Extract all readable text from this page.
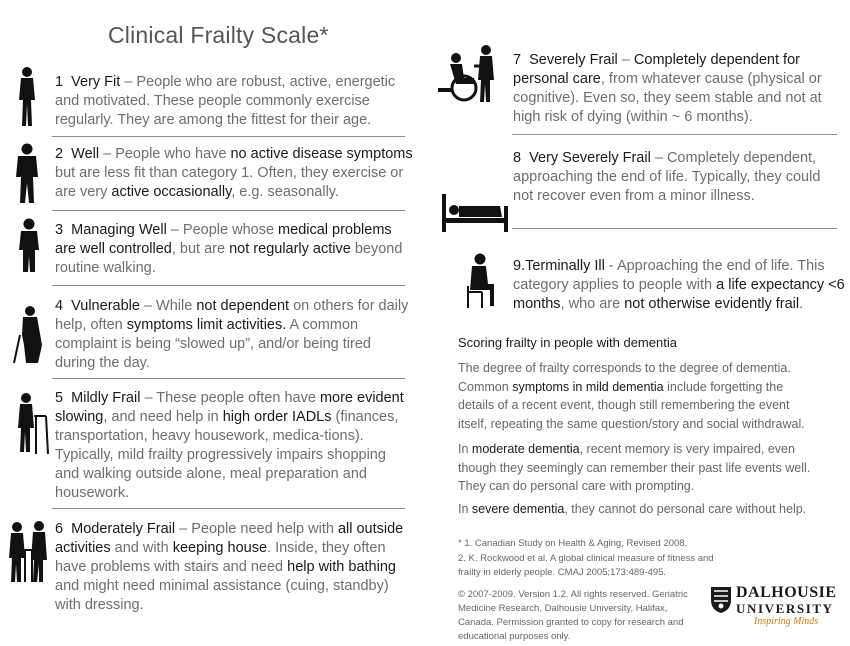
Clinical Frailty Scale*
1 Very Fit – People who are robust, active, energetic and motivated. These people commonly exercise regularly. They are among the fittest for their age.
2 Well – People who have no active disease symptoms but are less fit than category 1. Often, they exercise or are very active occasionally, e.g. seasonally.
3 Managing Well – People whose medical problems are well controlled, but are not regularly active beyond routine walking.
4 Vulnerable – While not dependent on others for daily help, often symptoms limit activities. A common complaint is being “slowed up”, and/or being tired during the day.
5 Mildly Frail – These people often have more evident slowing, and need help in high order IADLs (finances, transportation, heavy housework, medica-tions). Typically, mild frailty progressively impairs shopping and walking outside alone, meal preparation and housework.
6 Moderately Frail – People need help with all outside activities and with keeping house. Inside, they often have problems with stairs and need help with bathing and might need minimal assistance (cuing, standby) with dressing.
7 Severely Frail – Completely dependent for personal care, from whatever cause (physical or cognitive). Even so, they seem stable and not at high risk of dying (within ~ 6 months).
8 Very Severely Frail – Completely dependent, approaching the end of life. Typically, they could not recover even from a minor illness.
9.Terminally Ill - Approaching the end of life. This category applies to people with a life expectancy <6 months, who are not otherwise evidently frail.
Scoring frailty in people with dementia
The degree of frailty corresponds to the degree of dementia. Common symptoms in mild dementia include forgetting the details of a recent event, though still remembering the event itself, repeating the same question/story and social withdrawal.
In moderate dementia, recent memory is very impaired, even though they seemingly can remember their past life events well. They can do personal care with prompting.
In severe dementia, they cannot do personal care without help.
* 1. Canadian Study on Health & Aging, Revised 2008.
2. K. Rockwood et al. A global clinical measure of fitness and frailty in elderly people. CMAJ 2005;173:489-495.
© 2007-2009. Version 1.2. All rights reserved. Geriatric Medicine Research, Dalhousie University, Halifax, Canada. Permission granted to copy for research and educational purposes only.
DALHOUSIE
UNIVERSITY
Inspiring Minds
